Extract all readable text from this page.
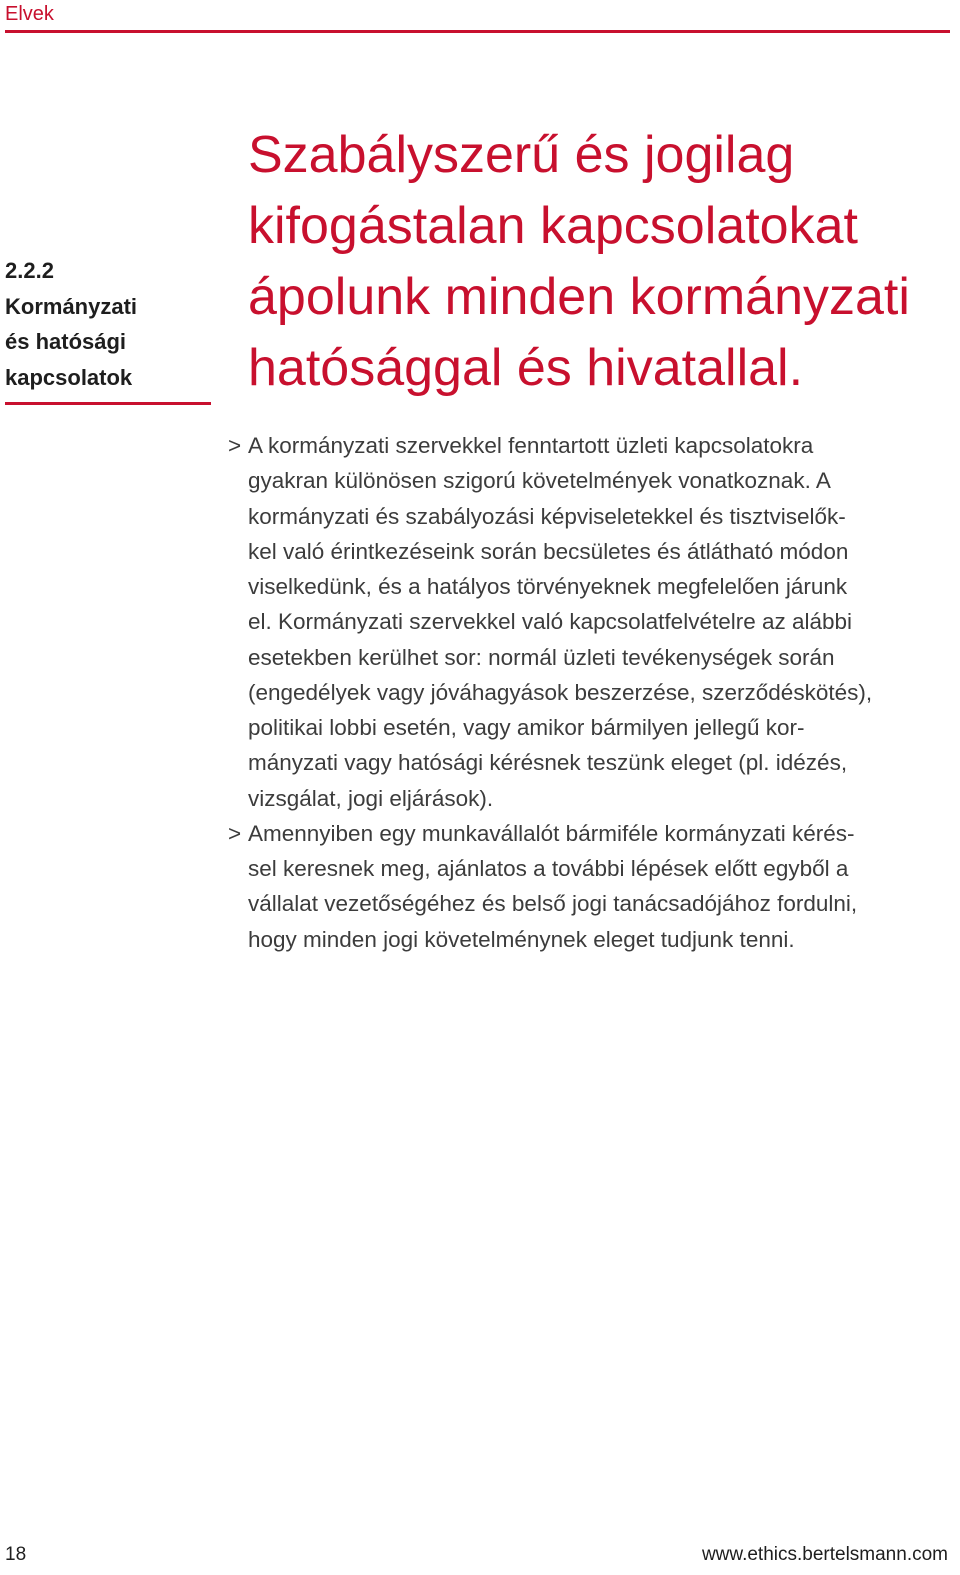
Elvek
2.2.2
Kormányzati
és hatósági
kapcsolatok
Szabályszerű és jogilag
kifogástalan kapcsolatokat
ápolunk minden kormányzati
hatósággal és hivatallal.
> A kormányzati szervekkel fenntartott üzleti kapcsolatokra
gyakran különösen szigorú követelmények vonatkoznak. A
kormányzati és szabályozási képviseletekkel és tisztviselők-
kel való érintkezéseink során becsületes és átlátható módon
viselkedünk, és a hatályos törvényeknek megfelelően járunk
el. Kormányzati szervekkel való kapcsolatfelvételre az alábbi
esetekben kerülhet sor: normál üzleti tevékenységek során
(engedélyek vagy jóváhagyások beszerzése, szerződéskötés),
politikai lobbi esetén, vagy amikor bármilyen jellegű kor-
mányzati vagy hatósági kérésnek teszünk eleget (pl. idézés,
vizsgálat, jogi eljárások).
> Amennyiben egy munkavállalót bármiféle kormányzati kérés-
sel keresnek meg, ajánlatos a további lépések előtt egyből a
vállalat vezetőségéhez és belső jogi tanácsadójához fordulni,
hogy minden jogi követelménynek eleget tudjunk tenni.
18	www.ethics.bertelsmann.com
